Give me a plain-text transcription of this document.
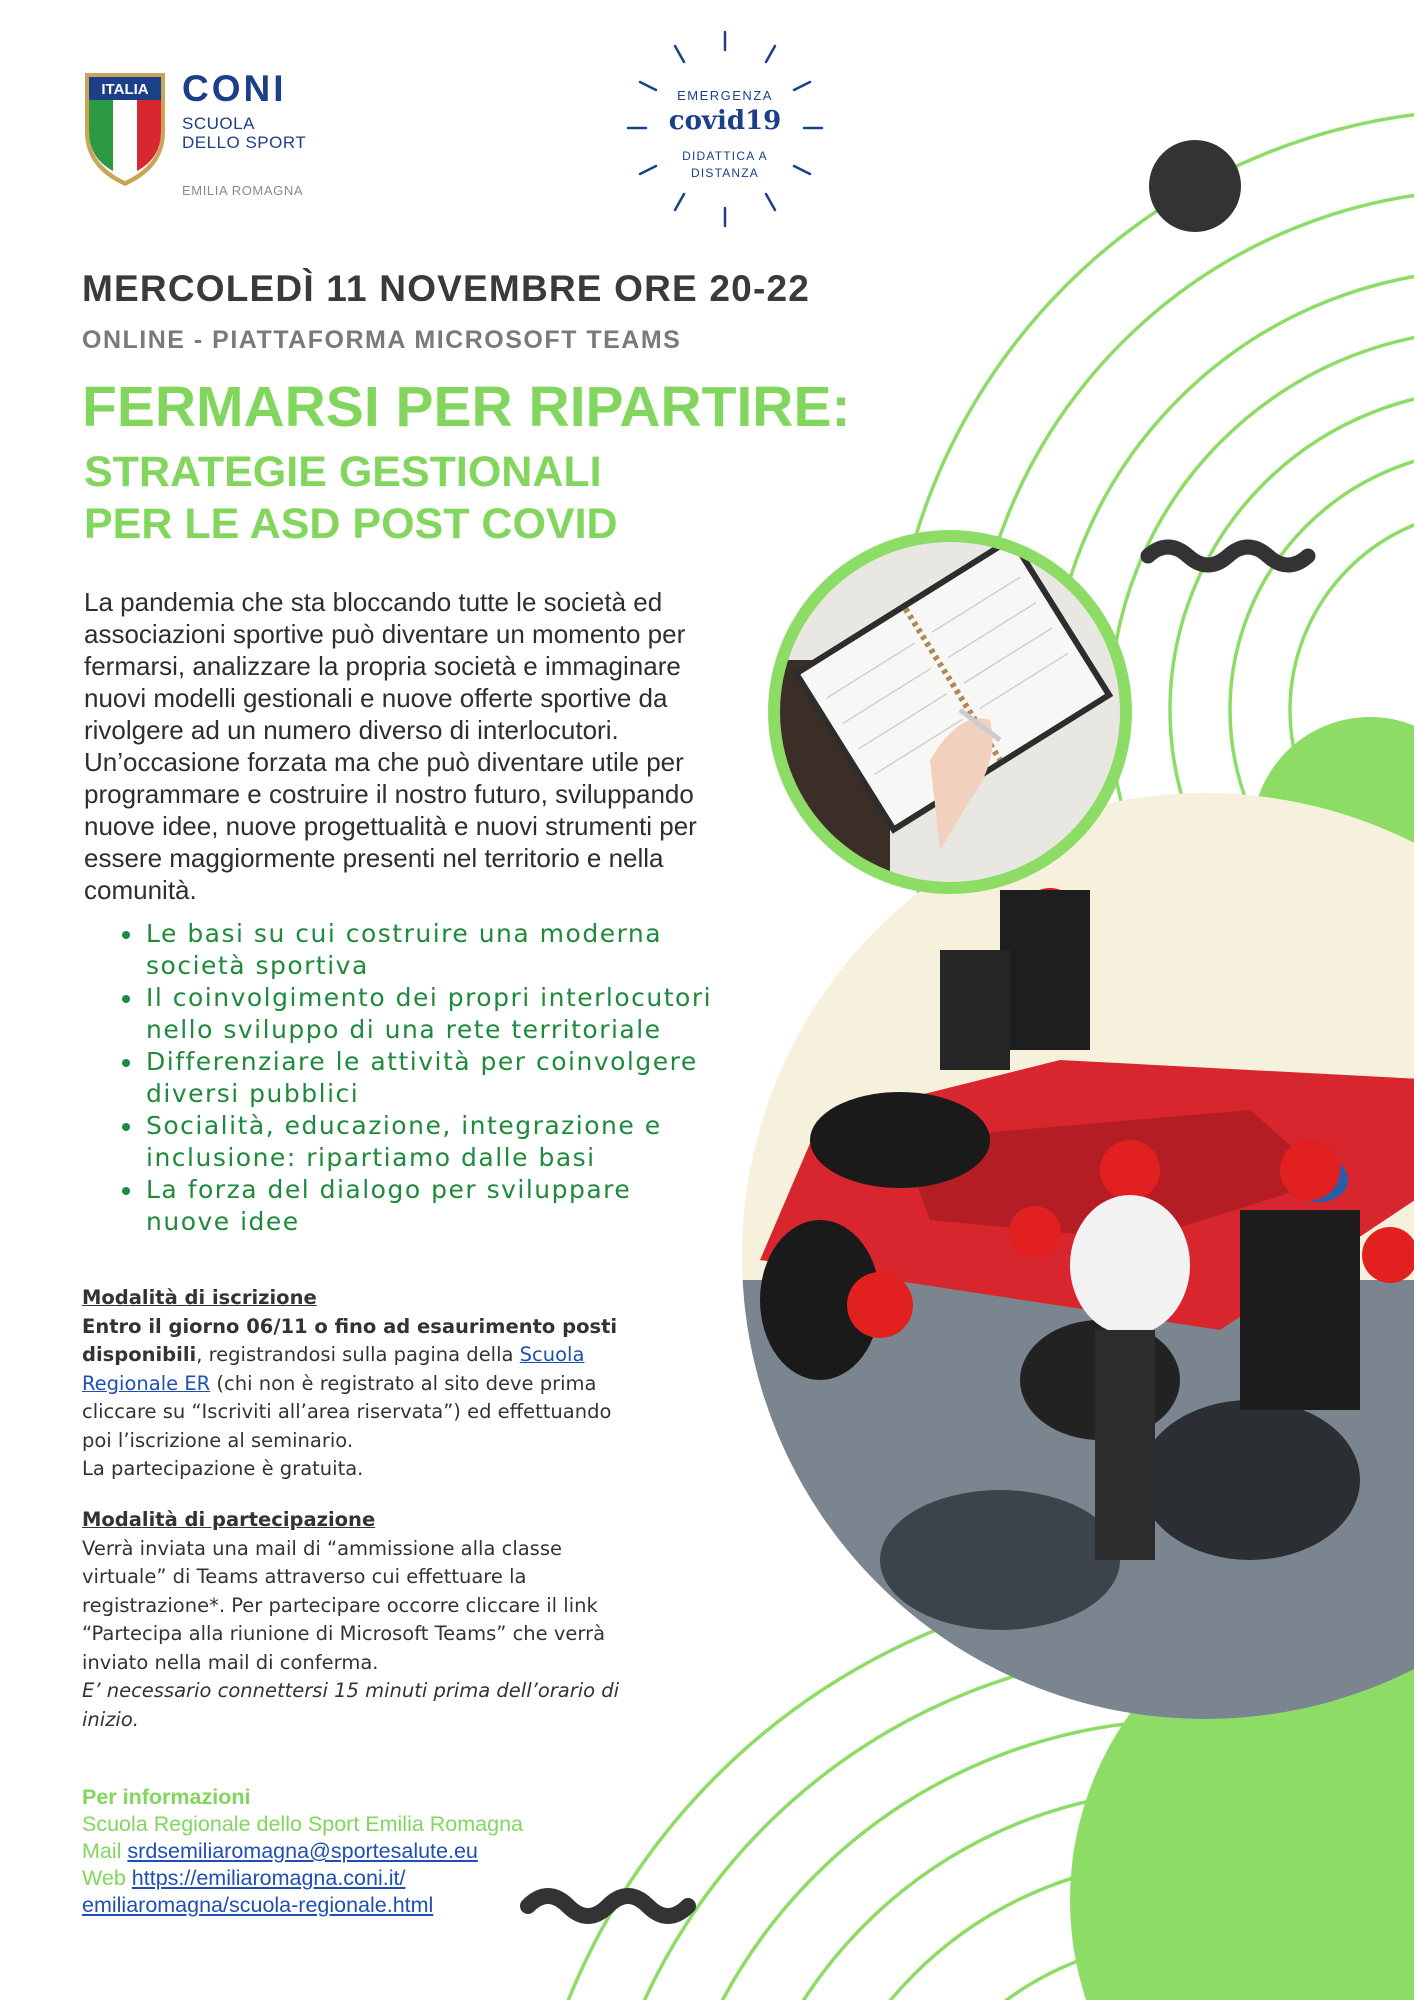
ITALIA CONI
SCUOLA
DELLO SPORT
EMILIA ROMAGNA
EMERGENZA
covid19
DIDATTICA A
DISTANZA
MERCOLEDÌ 11 NOVEMBRE ORE 20-22
ONLINE - PIATTAFORMA MICROSOFT TEAMS
FERMARSI PER RIPARTIRE:
STRATEGIE GESTIONALI
PER LE ASD POST COVID
La pandemia che sta bloccando tutte le società ed
associazioni sportive può diventare un momento per
fermarsi, analizzare la propria società e immaginare
nuovi modelli gestionali e nuove offerte sportive da
rivolgere ad un numero diverso di interlocutori.
Un’occasione forzata ma che può diventare utile per
programmare e costruire il nostro futuro, sviluppando
nuove idee, nuove progettualità e nuovi strumenti per
essere maggiormente presenti nel territorio e nella
comunità.
• Le basi su cui costruire una moderna
società sportiva
• Il coinvolgimento dei propri interlocutori
nello sviluppo di una rete territoriale
• Differenziare le attività per coinvolgere
diversi pubblici
• Socialità, educazione, integrazione e
inclusione: ripartiamo dalle basi
• La forza del dialogo per sviluppare
nuove idee
Modalità di iscrizione
Entro il giorno 06/11 o fino ad esaurimento posti
disponibili, registrandosi sulla pagina della Scuola
Regionale ER (chi non è registrato al sito deve prima
cliccare su “Iscriviti all’area riservata”) ed effettuando
poi l’iscrizione al seminario.
La partecipazione è gratuita.
Modalità di partecipazione
Verrà inviata una mail di “ammissione alla classe
virtuale” di Teams attraverso cui effettuare la
registrazione*. Per partecipare occorre cliccare il link
“Partecipa alla riunione di Microsoft Teams” che verrà
inviato nella mail di conferma.
E’ necessario connettersi 15 minuti prima dell’orario di
inizio.
Per informazioni
Scuola Regionale dello Sport Emilia Romagna
Mail srdsemiliaromagna@sportesalute.eu
Web https://emiliaromagna.coni.it/
emiliaromagna/scuola-regionale.html
